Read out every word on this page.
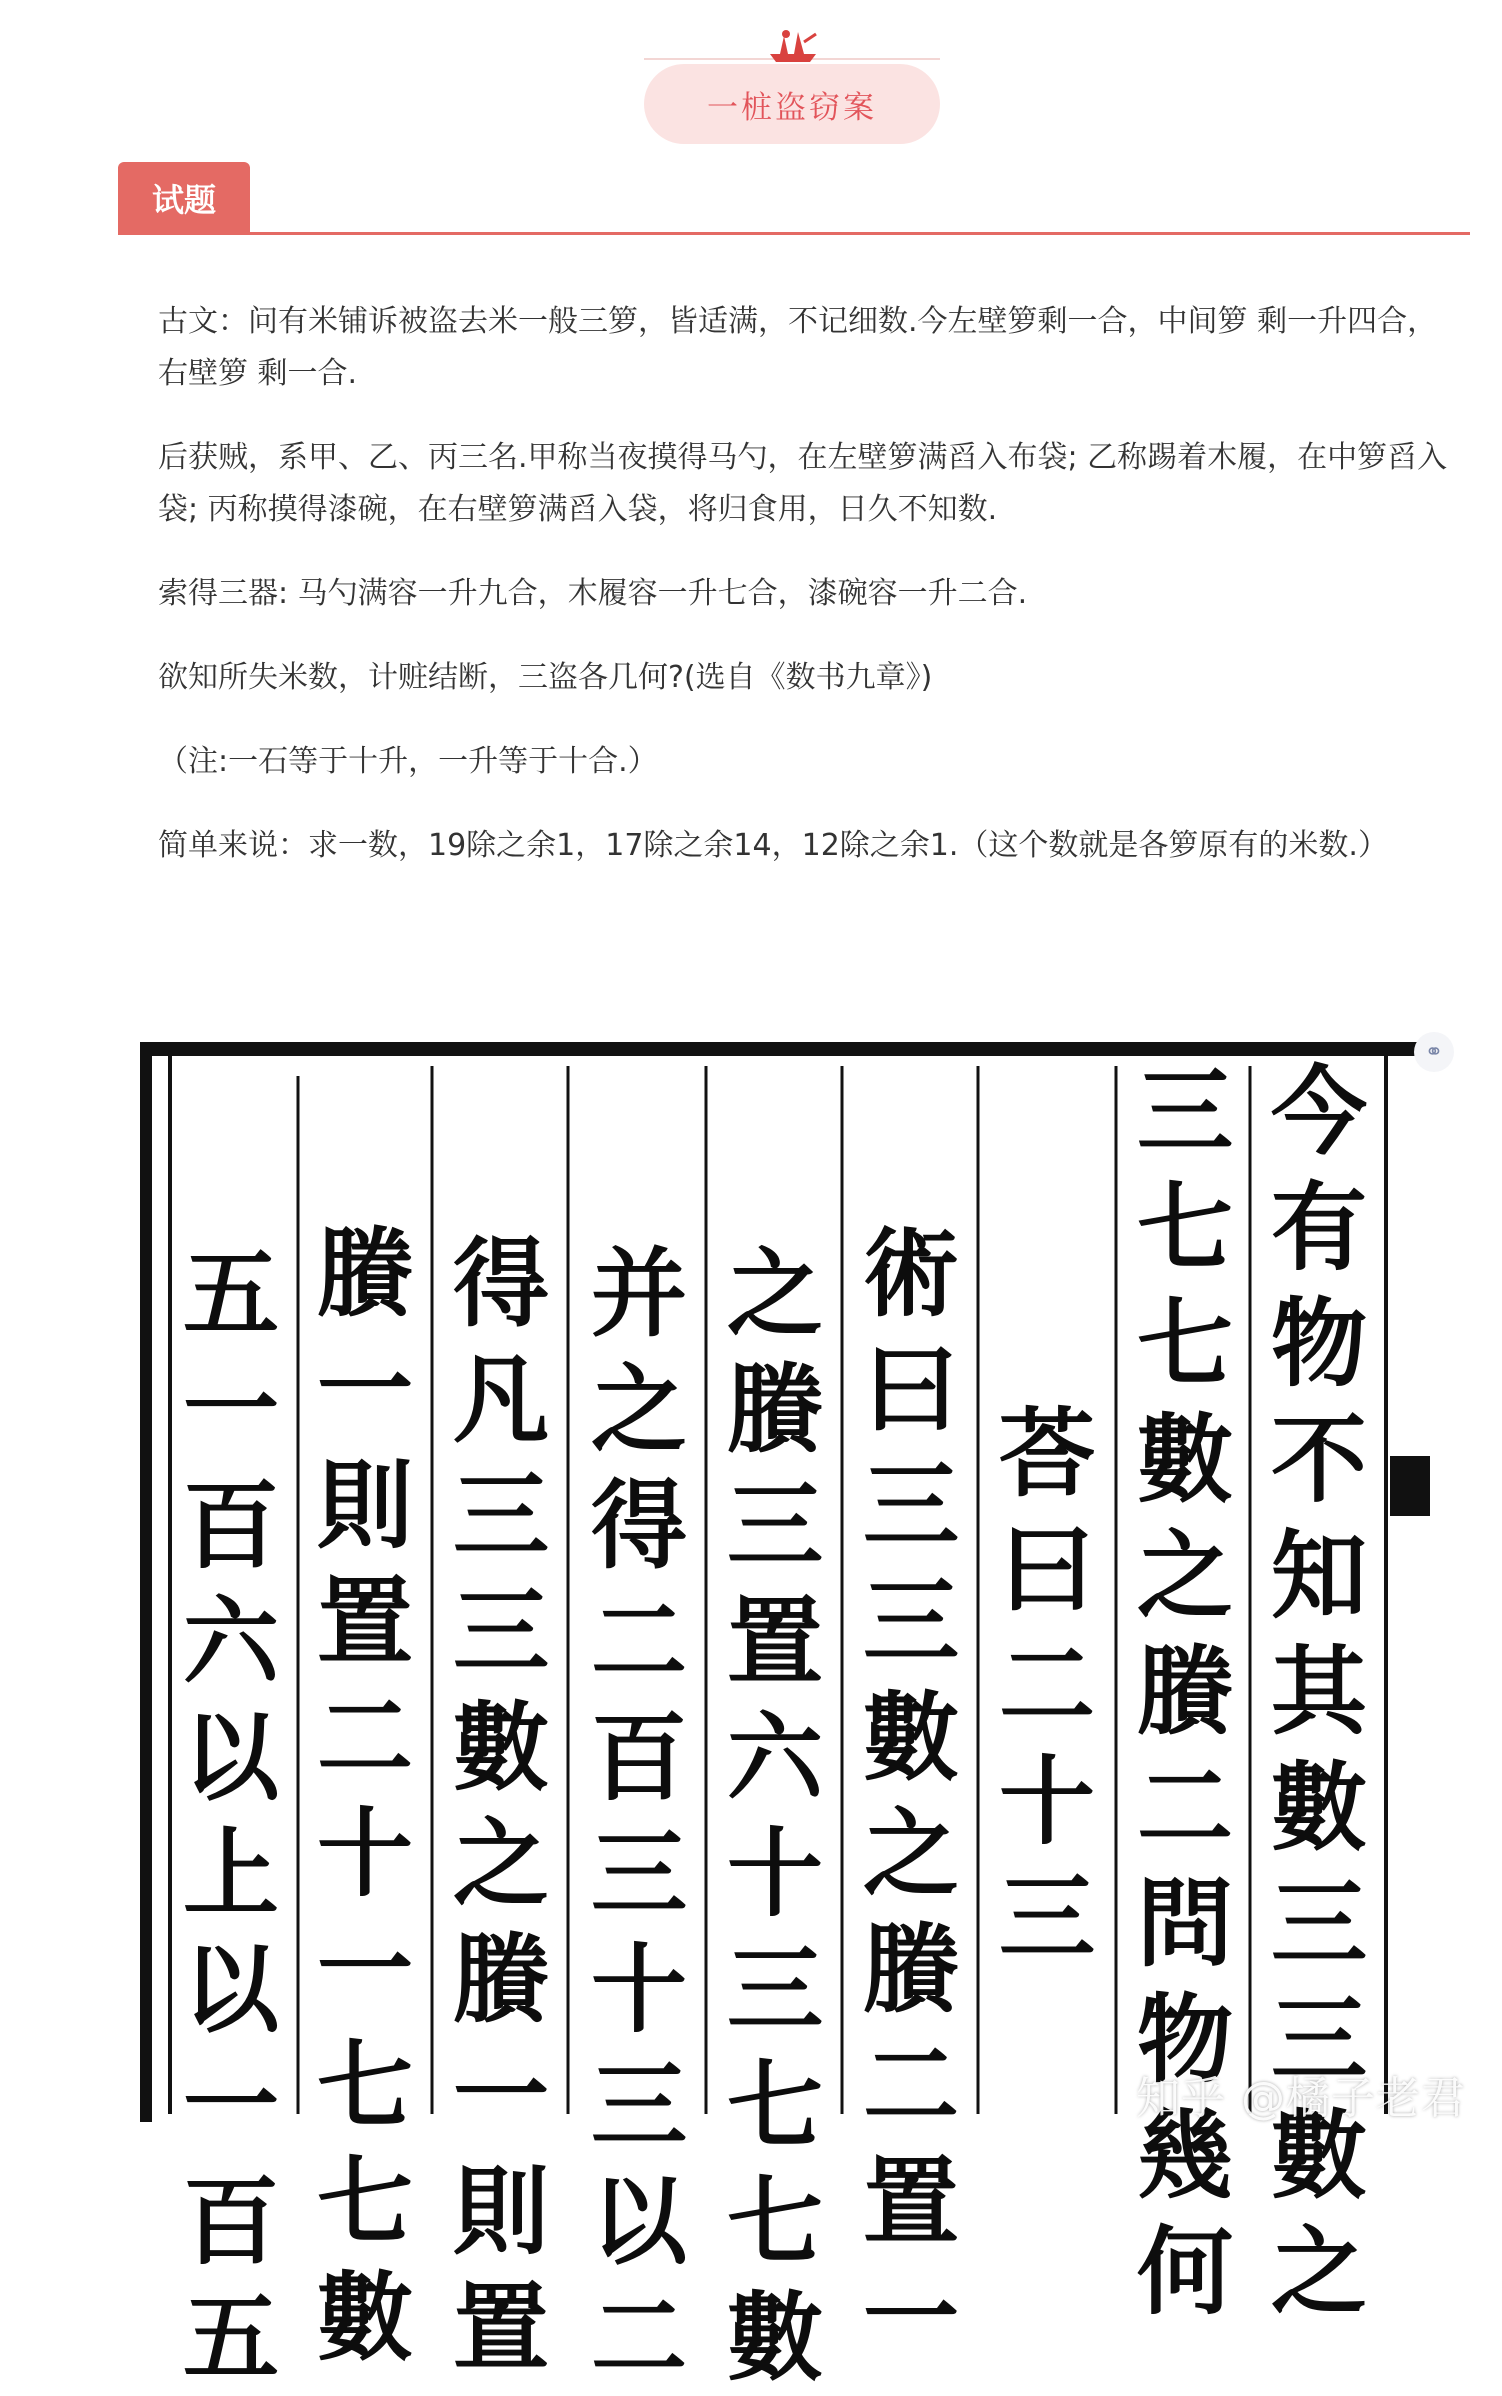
一桩盗窃案
试题
古文：问有米铺诉被盗去米一般三箩，皆适满，不记细数.今左壁箩剩一合，中间箩 剩一升四合，右壁箩 剩一合.
后获贼，系甲、乙、丙三名.甲称当夜摸得马勺，在左壁箩满舀入布袋; 乙称踢着木履，在中箩舀入袋; 丙称摸得漆碗，在右壁箩满舀入袋，将归食用，日久不知数.
索得三器: 马勺满容一升九合，木履容一升七合，漆碗容一升二合.
欲知所失米数，计赃结断，三盗各几何?(选自《数书九章》)
（注:一石等于十升，一升等于十合.）
简单来说：求一数，19除之余1，17除之余14，12除之余1.（这个数就是各箩原有的米数.）
今有物不知其數三三數之
三七七數之賸二問物幾何
荅曰二十三
術曰三三數之賸二置一
之賸三置六十三七七數
并之得二百三十三以二
得凡三三數之賸一則置
賸一則置二十一七七數
五一百六以上以一百五
⚭
知乎 @橘子老君
